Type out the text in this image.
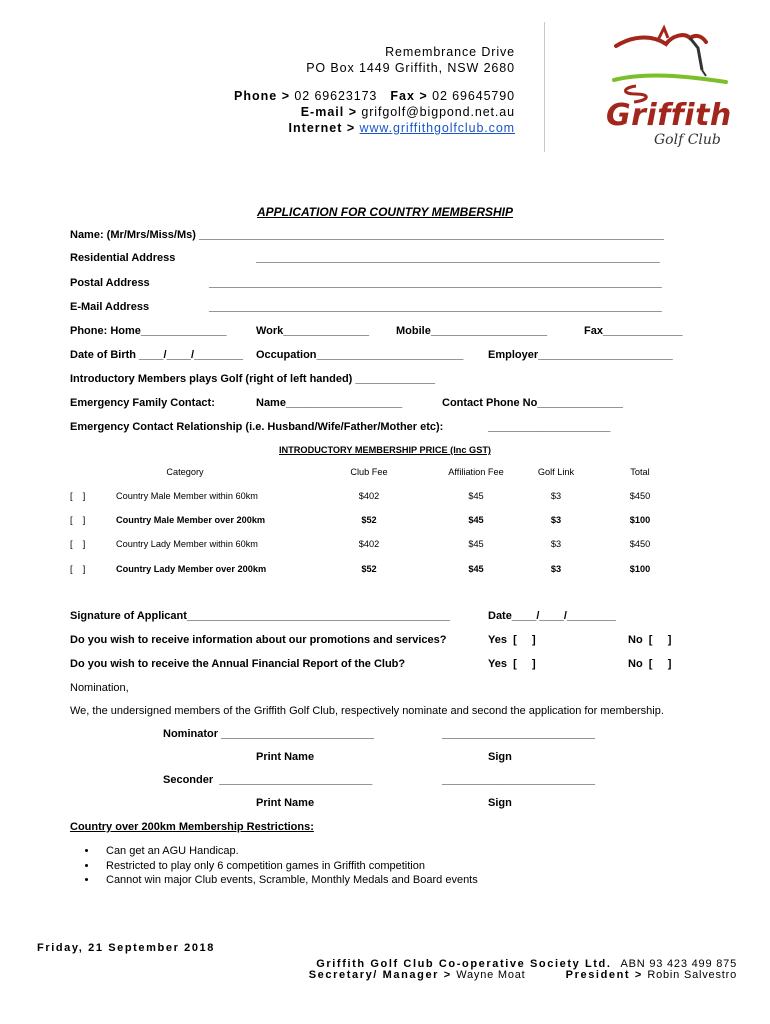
Remembrance Drive
PO Box 1449 Griffith, NSW 2680
Phone > 02 69623173 Fax > 02 69645790
E-mail > grifgolf@bigpond.net.au
Internet > www.griffithgolfclub.com	Griffith
Golf Club
APPLICATION FOR COUNTRY MEMBERSHIP
Name: (Mr/Mrs/Miss/Ms) ____________________________________________________________________________
Residential Address	__________________________________________________________________
Postal Address	__________________________________________________________________________
E-Mail Address	__________________________________________________________________________
Phone: Home______________	Work______________ Mobile___________________	Fax_____________
Date of Birth ____/____/________ Occupation________________________ Employer______________________
Introductory Members plays Golf (right of left handed) _____________
Emergency Family Contact:	Name___________________	Contact Phone No______________
Emergency Contact Relationship (i.e. Husband/Wife/Father/Mother etc):	____________________
INTRODUCTORY MEMBERSHIP PRICE (Inc GST)
Category	Club Fee	Affiliation Fee	Golf Link	Total
[    ]	Country Male Member within 60km	$402	$45	$3	$450
[    ]	Country Male Member over 200km	$52	$45	$3	$100
[    ]	Country Lady Member within 60km	$402	$45	$3	$450
[    ]	Country Lady Member over 200km	$52	$45	$3	$100
Signature of Applicant___________________________________________	Date____/____/________
Do you wish to receive information about our promotions and services?	Yes  [     ]	No  [     ]
Do you wish to receive the Annual Financial Report of the Club?	Yes  [     ]	No  [     ]
Nomination,
We, the undersigned members of the Griffith Golf Club, respectively nominate and second the application for membership.
Nominator _________________________	_________________________
Print Name	Sign
Seconder  _________________________	_________________________
Print Name	Sign
Country over 200km Membership Restrictions:
• Can get an AGU Handicap.
• Restricted to play only 6 competition games in Griffith competition
• Cannot win major Club events, Scramble, Monthly Medals and Board events
Friday, 21 September 2018
Griffith Golf Club Co-operative Society Ltd. ABN 93 423 499 875
Secretary/ Manager > Wayne Moat	President > Robin Salvestro
